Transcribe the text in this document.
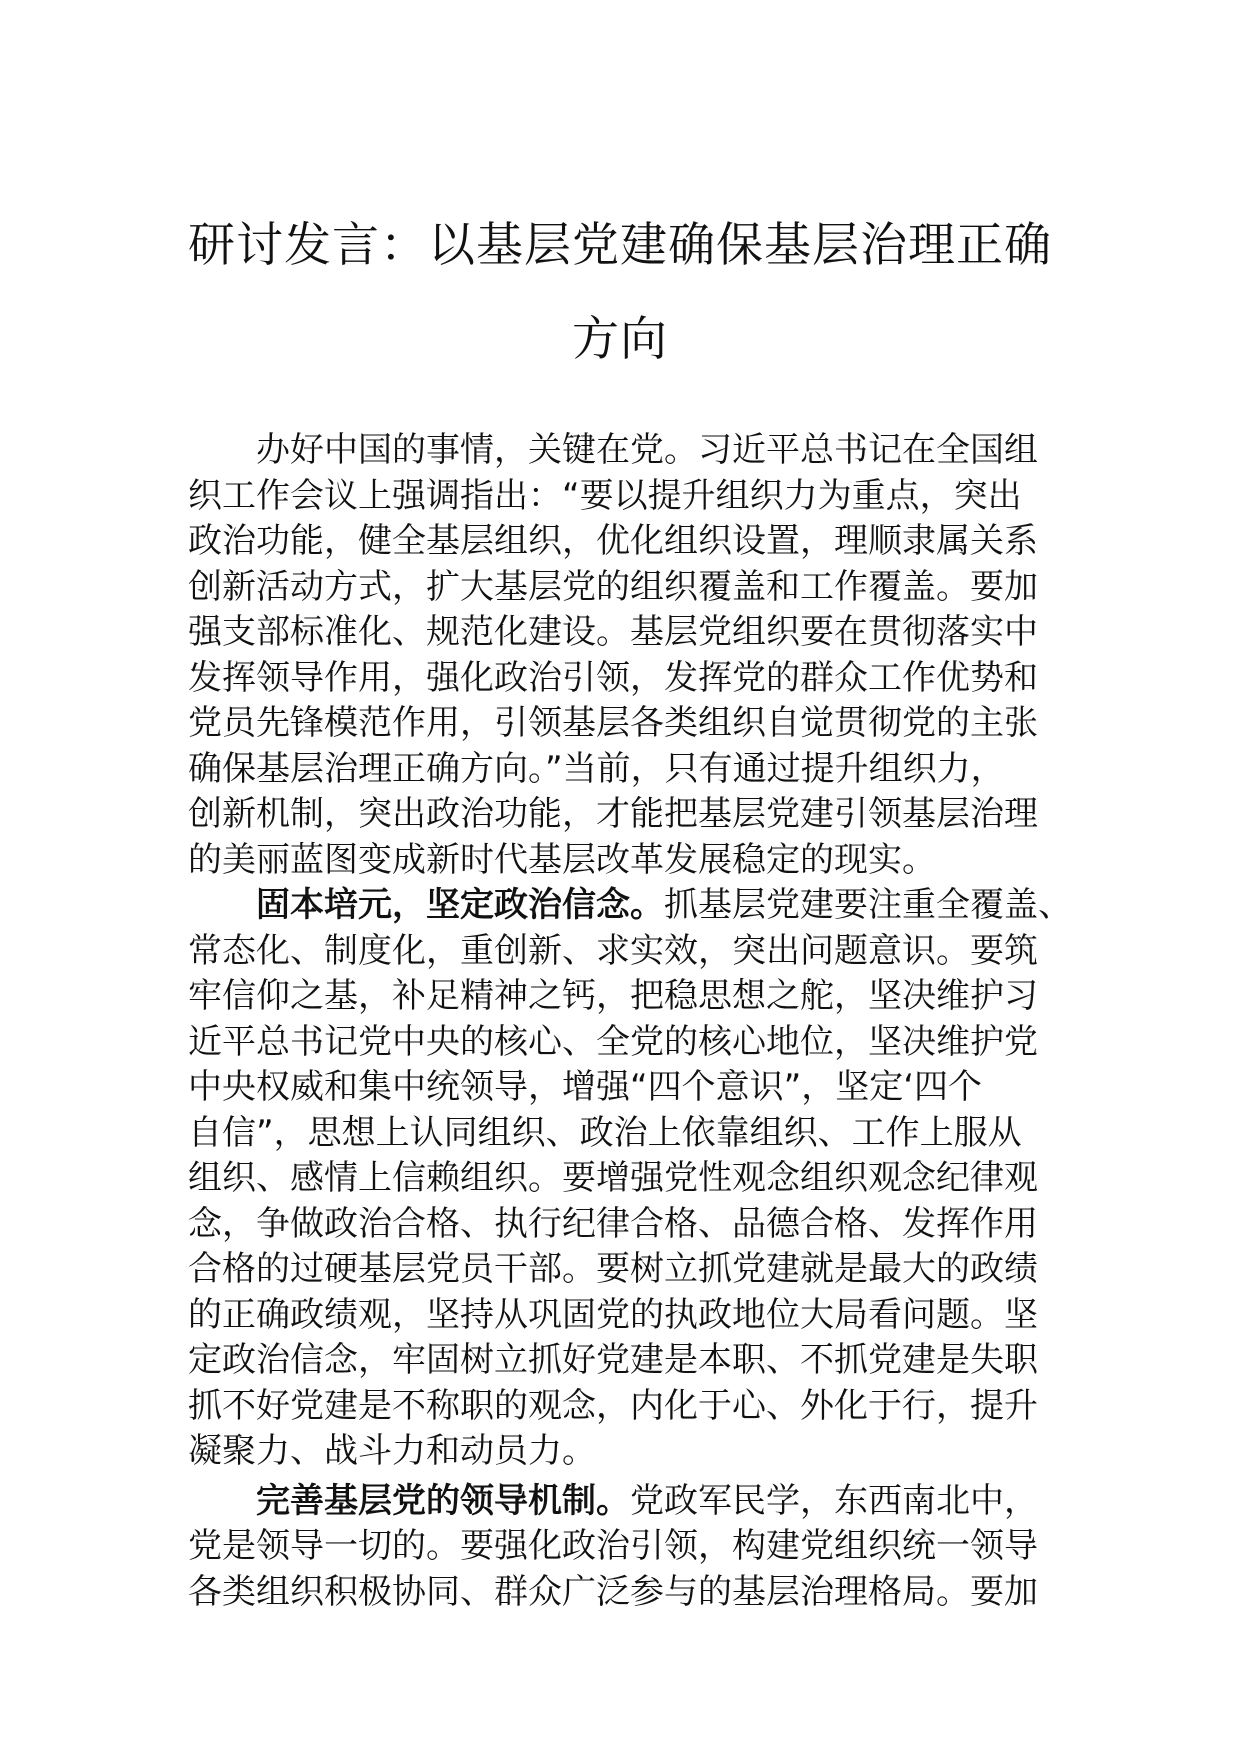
研讨发言：以基层党建确保基层治理正确
方向

办好中国的事情，关键在党。习近平总书记在全国组
织工作会议上强调指出：“要以提升组织力为重点，突出
政治功能，健全基层组织，优化组织设置，理顺隶属关系
创新活动方式，扩大基层党的组织覆盖和工作覆盖。要加
强支部标准化、规范化建设。基层党组织要在贯彻落实中
发挥领导作用，强化政治引领，发挥党的群众工作优势和
党员先锋模范作用，引领基层各类组织自觉贯彻党的主张
确保基层治理正确方向。”当前，只有通过提升组织力，
创新机制，突出政治功能，才能把基层党建引领基层治理
的美丽蓝图变成新时代基层改革发展稳定的现实。

固本培元，坚定政治信念。抓基层党建要注重全覆盖、
常态化、制度化，重创新、求实效，突出问题意识。要筑
牢信仰之基，补足精神之钙，把稳思想之舵，坚决维护习
近平总书记党中央的核心、全党的核心地位，坚决维护党
中央权威和集中统领导，增强“四个意识”，坚定‘四个
自信”，思想上认同组织、政治上依靠组织、工作上服从
组织、感情上信赖组织。要增强党性观念组织观念纪律观
念，争做政治合格、执行纪律合格、品德合格、发挥作用
合格的过硬基层党员干部。要树立抓党建就是最大的政绩
的正确政绩观，坚持从巩固党的执政地位大局看问题。坚
定政治信念，牢固树立抓好党建是本职、不抓党建是失职
抓不好党建是不称职的观念，内化于心、外化于行，提升
凝聚力、战斗力和动员力。

完善基层党的领导机制。党政军民学，东西南北中，
党是领导一切的。要强化政治引领，构建党组织统一领导
各类组织积极协同、群众广泛参与的基层治理格局。要加
